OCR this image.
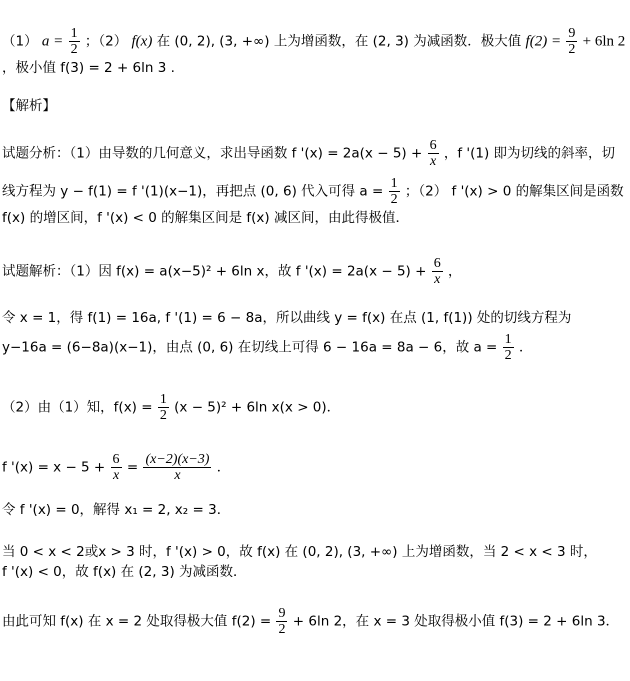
（1） $a = \frac{1}{2}$ ；（2） f(x) 在 (0, 2), (3, +∞) 上为增函数，在 (2, 3) 为减函数．极大值 $f(2) = \frac{9}{2} + 6\ln$ 2
，极小值 f(3) = 2 + 6ln 3 .
【解析】
试题分析：（1）由导数的几何意义，求出导函数 f '$(x) = 2a(x - 5) + \frac{6}{x}$ ，f '(1) 即为切线的斜率，切
线方程为 y − f(1) = f '(1)(x−1)，再把点 (0, 6) 代入可得 $a = \frac{1}{2}$ ；（2） f '(x) > 0 的解集区间是函数
f(x) 的增区间，f '(x) < 0 的解集区间是 f(x) 减区间，由此得极值．
试题解析：（1）因 f(x) = a(x−5)² + 6ln x，故 f '$(x) = 2a(x - 5) + \frac{6}{x}$ ，
令 x = 1，得 f(1) = 16a, f '(1) = 6 − 8a，所以曲线 y = f(x) 在点 (1, f(1)) 处的切线方程为
y−16a = (6−8a)(x−1)，由点 (0, 6) 在切线上可得 6 − 16a = 8a − 6，故 $a = \frac{1}{2}$ ．
（2）由（1）知，$f(x) = \frac{1}{2} (x - 5)^2 + 6\ln$ x(x > 0)．
f '$(x) = x - 5 + \frac{6}{x} = \frac{(x-2)(x-3)}{x}$ ．
令 f '(x) = 0，解得 x₁ = 2, x₂ = 3．
当 0 < x < 2或x > 3 时，f '(x) > 0，故 f(x) 在 (0, 2), (3, +∞) 上为增函数，当 2 < x < 3 时，
f '(x) < 0，故 f(x) 在 (2, 3) 为减函数．
由此可知 f(x) 在 x = 2 处取得极大值 $f(2) = \frac{9}{2} + 6\ln$ 2，在 x = 3 处取得极小值 f(3) = 2 + 6ln 3．
